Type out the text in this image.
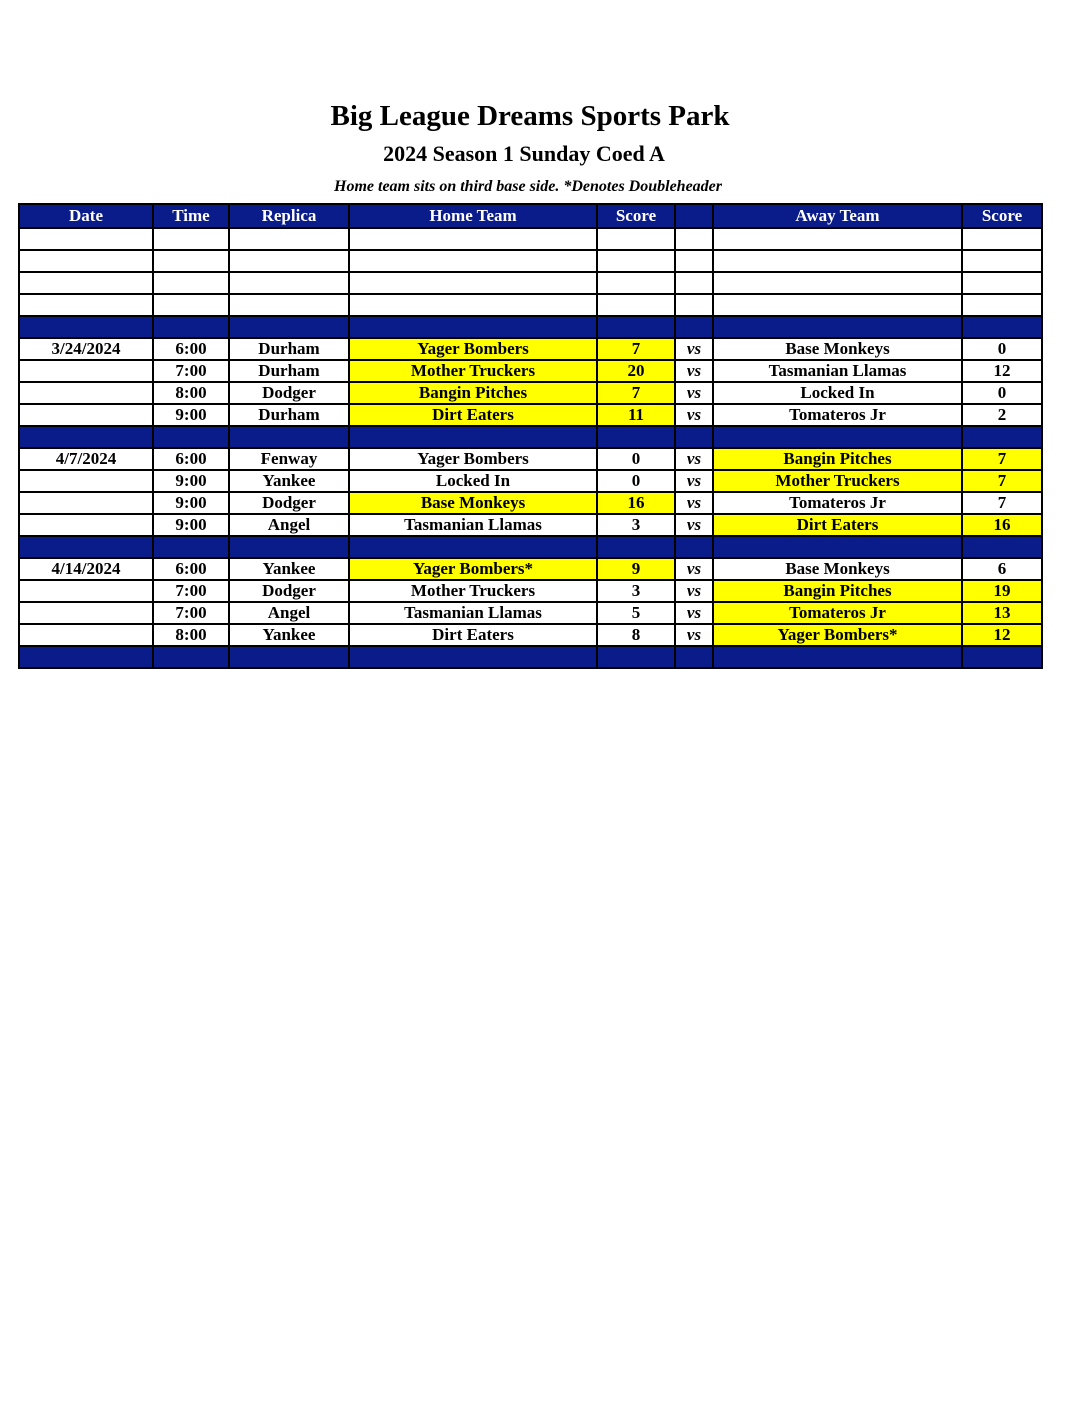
Big League Dreams Sports Park
2024 Season 1 Sunday Coed A
Home team sits on third base side. *Denotes Doubleheader
Date	Time	Replica	Home Team	Score		Away Team	Score

3/24/2024	6:00	Durham	Yager Bombers	7	vs	Base Monkeys	0
	7:00	Durham	Mother Truckers	20	vs	Tasmanian Llamas	12
	8:00	Dodger	Bangin Pitches	7	vs	Locked In	0
	9:00	Durham	Dirt Eaters	11	vs	Tomateros Jr	2

4/7/2024	6:00	Fenway	Yager Bombers	0	vs	Bangin Pitches	7
	9:00	Yankee	Locked In	0	vs	Mother Truckers	7
	9:00	Dodger	Base Monkeys	16	vs	Tomateros Jr	7
	9:00	Angel	Tasmanian Llamas	3	vs	Dirt Eaters	16

4/14/2024	6:00	Yankee	Yager Bombers*	9	vs	Base Monkeys	6
	7:00	Dodger	Mother Truckers	3	vs	Bangin Pitches	19
	7:00	Angel	Tasmanian Llamas	5	vs	Tomateros Jr	13
	8:00	Yankee	Dirt Eaters	8	vs	Yager Bombers*	12
